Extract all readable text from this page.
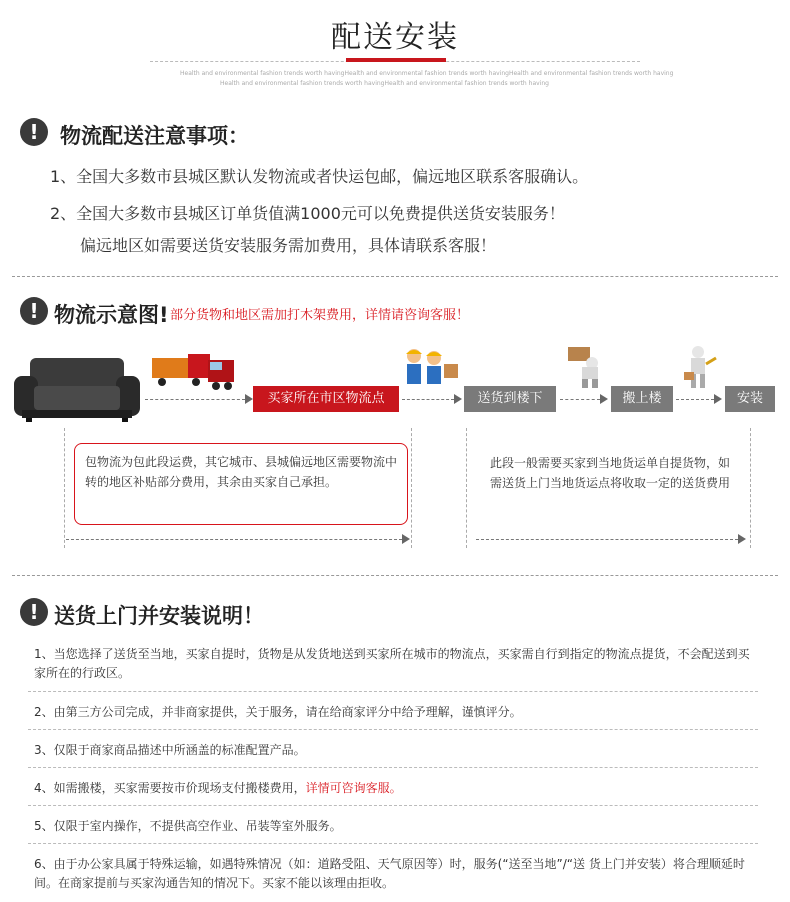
配送安装
Health and environmental fashion trends worth havingHealth and environmental fashion trends worth havingHealth and environmental fashion trends worth having
Health and environmental fashion trends worth havingHealth and environmental fashion trends worth having
!	物流配送注意事项：
1、全国大多数市县城区默认发物流或者快运包邮，偏远地区联系客服确认。
2、全国大多数市县城区订单货值满1000元可以免费提供送货安装服务！
偏远地区如需要送货安装服务需加费用，具体请联系客服！
! 物流示意图! 部分货物和地区需加打木架费用，详情请咨询客服！
买家所在市区物流点	送货到楼下	搬上楼	安装
包物流为包此段运费，其它城市、县城偏远地区需要物流中转的地区补贴部分费用，其余由买家自己承担。
此段一般需要买家到当地货运单自提货物，如需送货上门当地货运点将收取一定的送货费用
! 送货上门并安装说明！
1、当您选择了送货至当地，买家自提时，货物是从发货地送到买家所在城市的物流点，买家需自行到指定的物流点提货，不会配送到买家所在的行政区。
2、由第三方公司完成，并非商家提供，关于服务，请在给商家评分中给予理解，谨慎评分。
3、仅限于商家商品描述中所涵盖的标准配置产品。
4、如需搬楼，买家需要按市价现场支付搬楼费用，详情可咨询客服。
5、仅限于室内操作，不提供高空作业、吊装等室外服务。
6、由于办公家具属于特殊运输，如遇特殊情况（如：道路受阻、天气原因等）时，服务(“送至当地”/“送 货上门并安装）将合理顺延时间。在商家提前与买家沟通告知的情况下。买家不能以该理由拒收。
